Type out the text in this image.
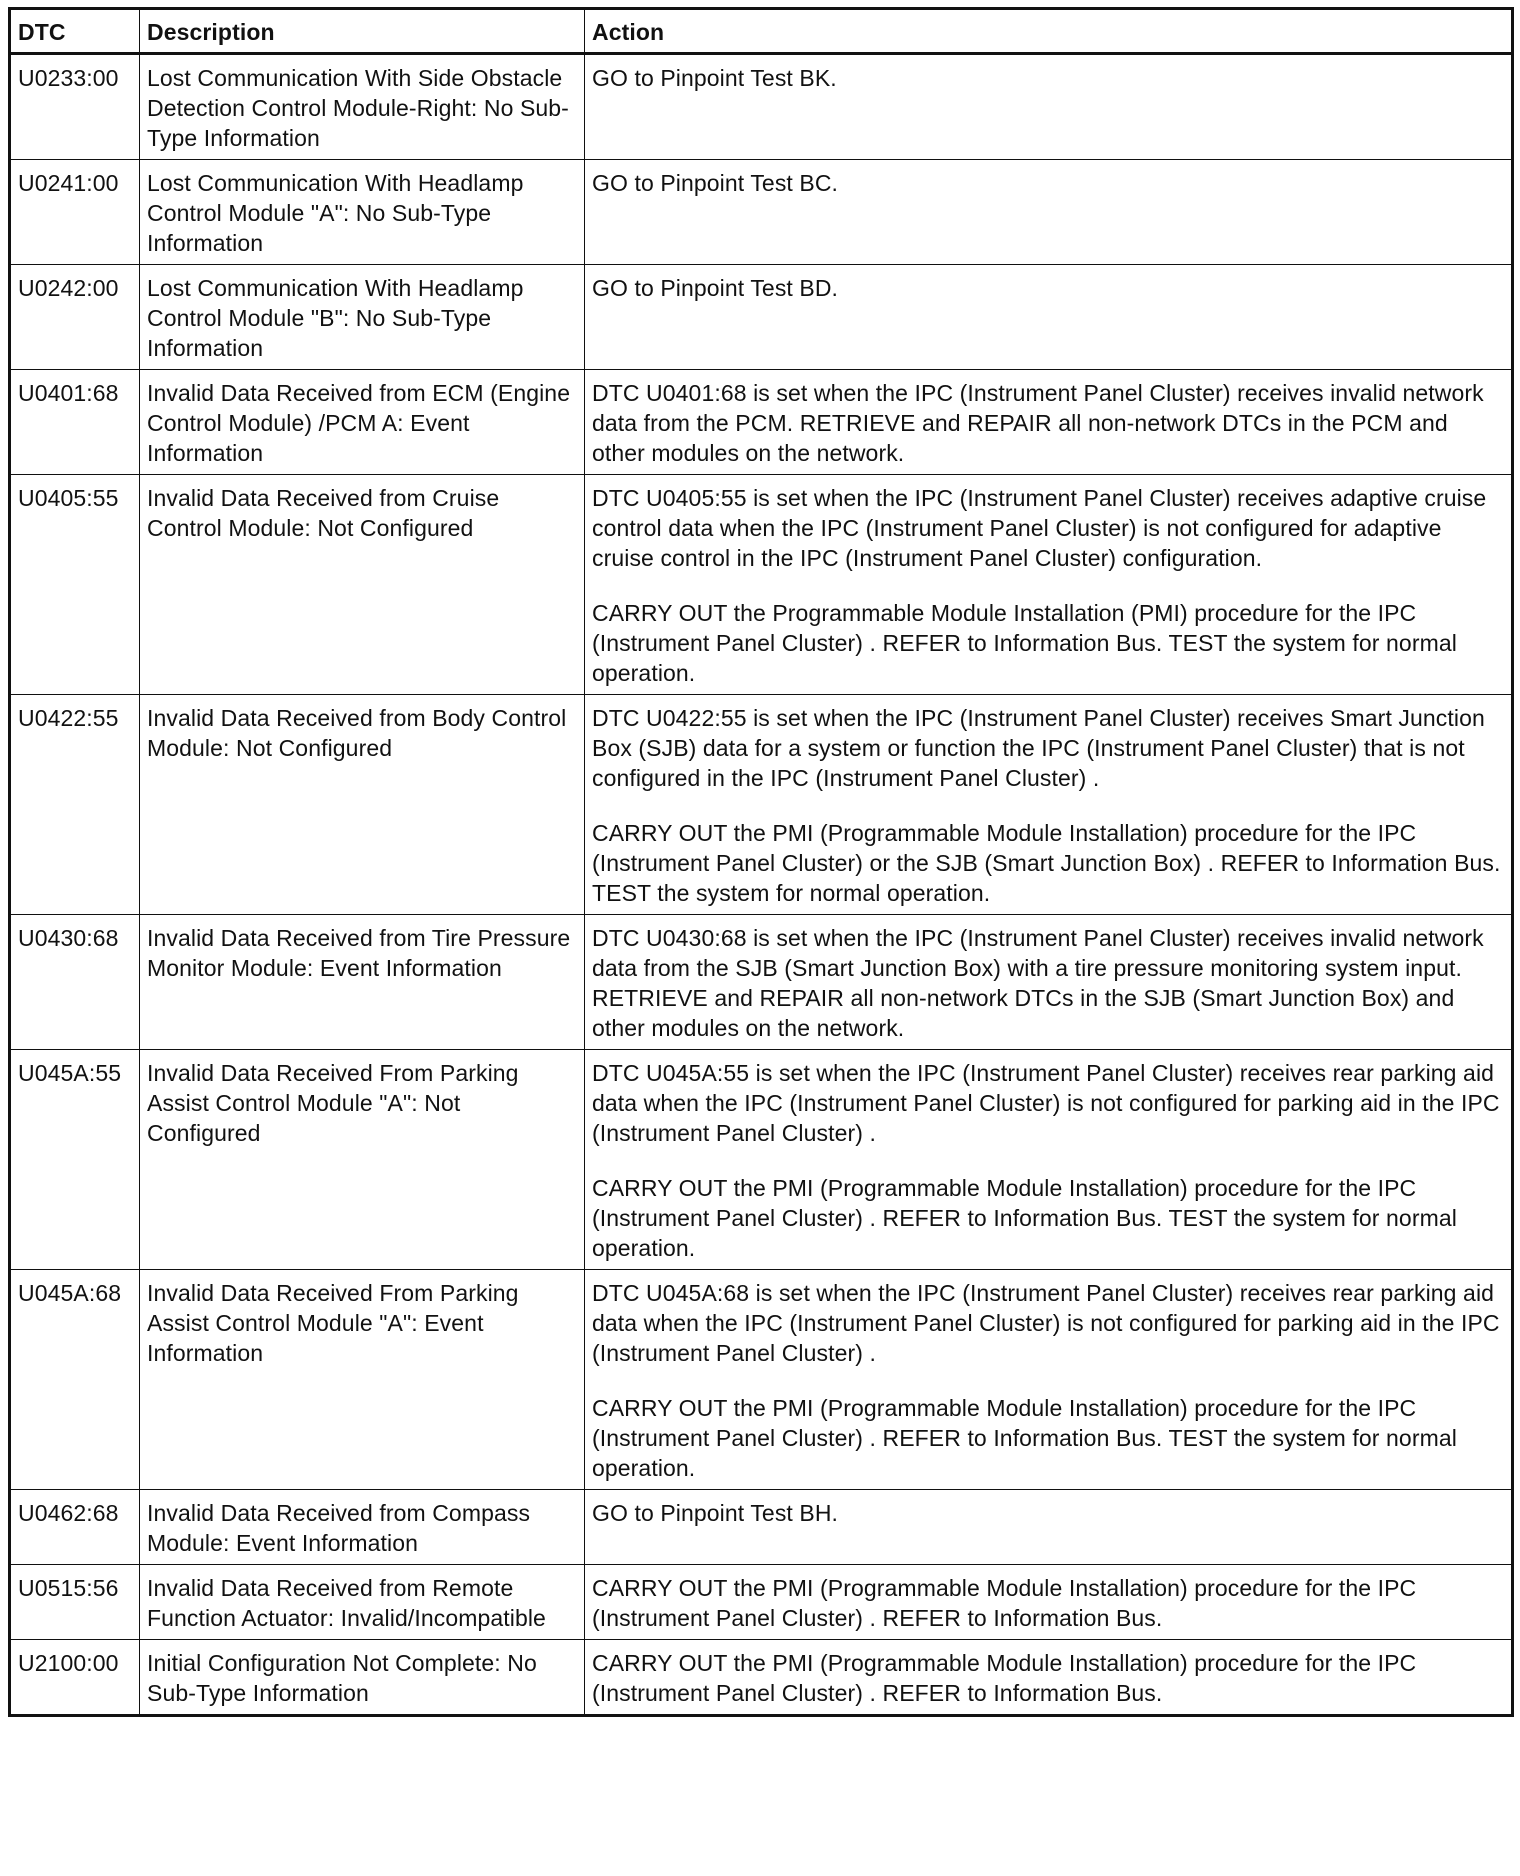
DTC	Description	Action
U0233:00	Lost Communication With Side Obstacle Detection Control Module-Right: No Sub-Type Information	GO to Pinpoint Test BK.

U0241:00	Lost Communication With Headlamp Control Module "A": No Sub-Type Information	GO to Pinpoint Test BC.

U0242:00	Lost Communication With Headlamp Control Module "B": No Sub-Type Information	GO to Pinpoint Test BD.

U0401:68	Invalid Data Received from ECM (Engine Control Module) /PCM A: Event Information	DTC U0401:68 is set when the IPC (Instrument Panel Cluster) receives invalid network data from the PCM. RETRIEVE and REPAIR all non-network DTCs in the PCM and other modules on the network.

U0405:55	Invalid Data Received from Cruise Control Module: Not Configured	DTC U0405:55 is set when the IPC (Instrument Panel Cluster) receives adaptive cruise control data when the IPC (Instrument Panel Cluster) is not configured for adaptive cruise control in the IPC (Instrument Panel Cluster) configuration.
CARRY OUT the Programmable Module Installation (PMI) procedure for the IPC (Instrument Panel Cluster) . REFER to Information Bus. TEST the system for normal operation.

U0422:55	Invalid Data Received from Body Control Module: Not Configured	DTC U0422:55 is set when the IPC (Instrument Panel Cluster) receives Smart Junction Box (SJB) data for a system or function the IPC (Instrument Panel Cluster) that is not configured in the IPC (Instrument Panel Cluster) .
CARRY OUT the PMI (Programmable Module Installation) procedure for the IPC (Instrument Panel Cluster) or the SJB (Smart Junction Box) . REFER to Information Bus. TEST the system for normal operation.

U0430:68	Invalid Data Received from Tire Pressure Monitor Module: Event Information	DTC U0430:68 is set when the IPC (Instrument Panel Cluster) receives invalid network data from the SJB (Smart Junction Box) with a tire pressure monitoring system input. RETRIEVE and REPAIR all non-network DTCs in the SJB (Smart Junction Box) and other modules on the network.

U045A:55	Invalid Data Received From Parking Assist Control Module "A": Not Configured	DTC U045A:55 is set when the IPC (Instrument Panel Cluster) receives rear parking aid data when the IPC (Instrument Panel Cluster) is not configured for parking aid in the IPC (Instrument Panel Cluster) .
CARRY OUT the PMI (Programmable Module Installation) procedure for the IPC (Instrument Panel Cluster) . REFER to Information Bus. TEST the system for normal operation.

U045A:68	Invalid Data Received From Parking Assist Control Module "A": Event Information	DTC U045A:68 is set when the IPC (Instrument Panel Cluster) receives rear parking aid data when the IPC (Instrument Panel Cluster) is not configured for parking aid in the IPC (Instrument Panel Cluster) .
CARRY OUT the PMI (Programmable Module Installation) procedure for the IPC (Instrument Panel Cluster) . REFER to Information Bus. TEST the system for normal operation.

U0462:68	Invalid Data Received from Compass Module: Event Information	GO to Pinpoint Test BH.

U0515:56	Invalid Data Received from Remote Function Actuator: Invalid/Incompatible	CARRY OUT the PMI (Programmable Module Installation) procedure for the IPC (Instrument Panel Cluster) . REFER to Information Bus.

U2100:00	Initial Configuration Not Complete: No Sub-Type Information	CARRY OUT the PMI (Programmable Module Installation) procedure for the IPC (Instrument Panel Cluster) . REFER to Information Bus.
